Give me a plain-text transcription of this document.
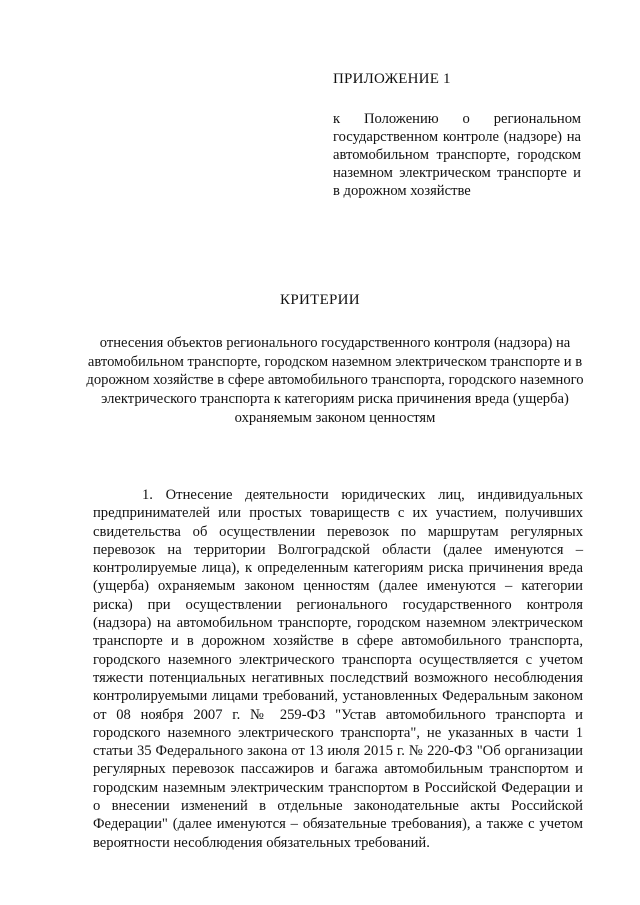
ПРИЛОЖЕНИЕ 1
к Положению о региональном государственном контроле (надзоре) на автомобильном транспорте, городском наземном электрическом транспорте и в дорожном хозяйстве
КРИТЕРИИ
отнесения объектов регионального государственного контроля (надзора) на автомобильном транспорте, городском наземном электрическом транспорте и в дорожном хозяйстве в сфере автомобильного транспорта, городского наземного электрического транспорта к категориям риска причинения вреда (ущерба) охраняемым законом ценностям
1. Отнесение деятельности юридических лиц, индивидуальных предпринимателей или простых товариществ с их участием, получивших свидетельства об осуществлении перевозок по маршрутам регулярных перевозок на территории Волгоградской области (далее именуются – контролируемые лица), к определенным категориям риска причинения вреда (ущерба) охраняемым законом ценностям (далее именуются – категории риска) при осуществлении регионального государственного контроля (надзора) на автомобильном транспорте, городском наземном электрическом транспорте и в дорожном хозяйстве в сфере автомобильного транспорта, городского наземного электрического транспорта осуществляется с учетом тяжести потенциальных негативных последствий возможного несоблюдения контролируемыми лицами требований, установленных Федеральным законом от 08 ноября 2007 г. № 259-ФЗ "Устав автомобильного транспорта и городского наземного электрического транспорта", не указанных в части 1 статьи 35 Федерального закона от 13 июля 2015 г. № 220-ФЗ "Об организации регулярных перевозок пассажиров и багажа автомобильным транспортом и городским наземным электрическим транспортом в Российской Федерации и о внесении изменений в отдельные законодательные акты Российской Федерации" (далее именуются – обязательные требования), а также с учетом вероятности несоблюдения обязательных требований.
